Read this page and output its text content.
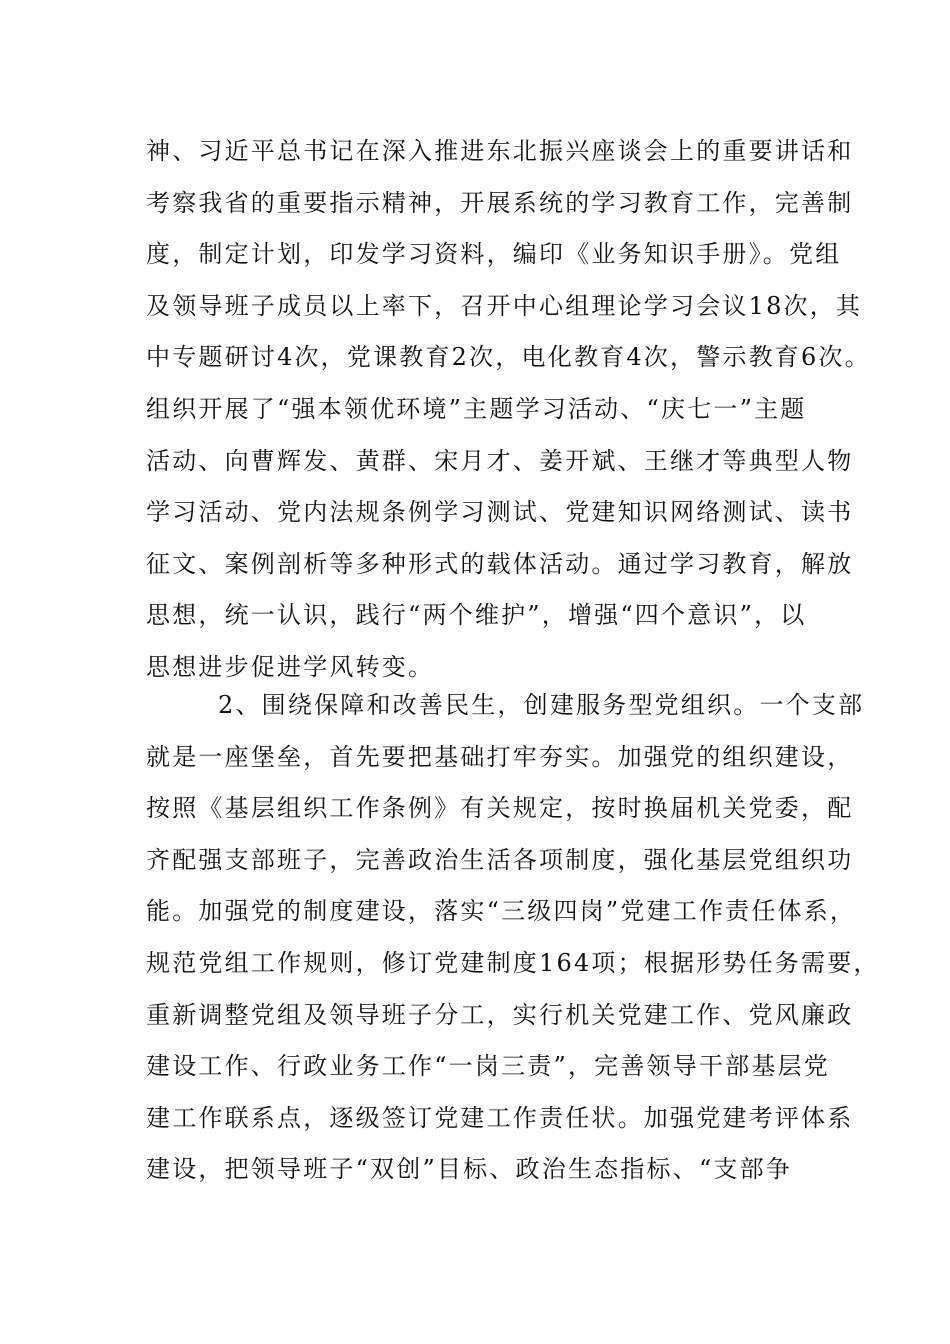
神、习近平总书记在深入推进东北振兴座谈会上的重要讲话和
考察我省的重要指示精神，开展系统的学习教育工作，完善制
度，制定计划，印发学习资料，编印《业务知识手册》。党组
及领导班子成员以上率下，召开中心组理论学习会议18次，其
中专题研讨4次，党课教育2次，电化教育4次，警示教育6次。
组织开展了“强本领优环境”主题学习活动、“庆七一”主题
活动、向曹辉发、黄群、宋月才、姜开斌、王继才等典型人物
学习活动、党内法规条例学习测试、党建知识网络测试、读书
征文、案例剖析等多种形式的载体活动。通过学习教育，解放
思想，统一认识，践行“两个维护”，增强“四个意识”，以
思想进步促进学风转变。
2、围绕保障和改善民生，创建服务型党组织。一个支部
就是一座堡垒，首先要把基础打牢夯实。加强党的组织建设，
按照《基层组织工作条例》有关规定，按时换届机关党委，配
齐配强支部班子，完善政治生活各项制度，强化基层党组织功
能。加强党的制度建设，落实“三级四岗”党建工作责任体系，
规范党组工作规则，修订党建制度164项；根据形势任务需要，
重新调整党组及领导班子分工，实行机关党建工作、党风廉政
建设工作、行政业务工作“一岗三责”，完善领导干部基层党
建工作联系点，逐级签订党建工作责任状。加强党建考评体系
建设，把领导班子“双创”目标、政治生态指标、“支部争
